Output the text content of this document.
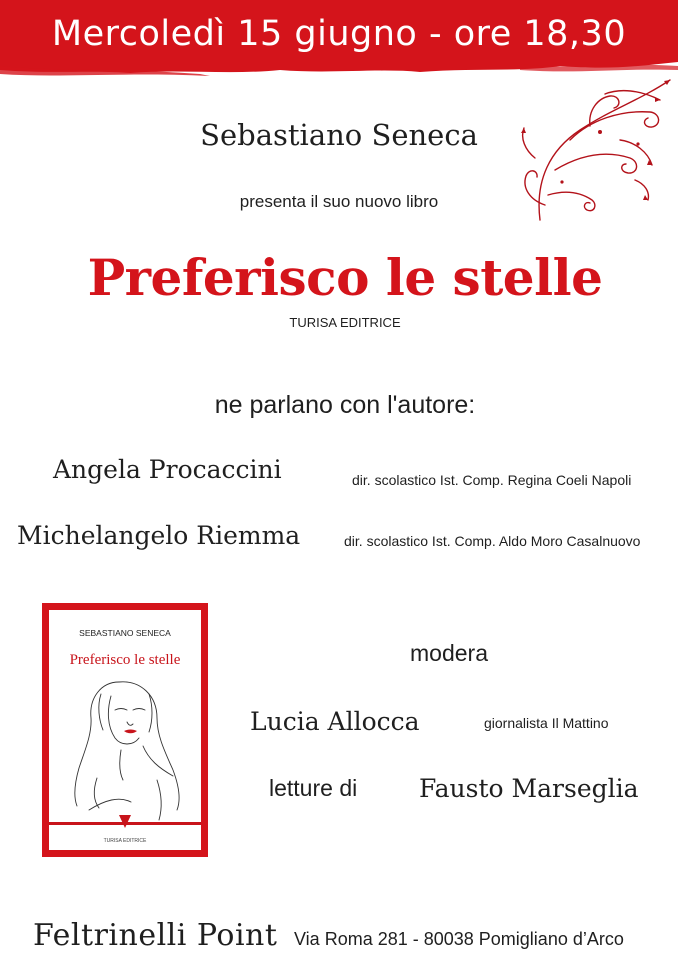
Mercoledì 15 giugno - ore 18,30
Sebastiano Seneca
presenta il suo nuovo libro
Preferisco le stelle
TURISA EDITRICE
ne parlano con l'autore:
Angela Procaccini	dir. scolastico Ist. Comp. Regina Coeli Napoli
Michelangelo Riemma	dir. scolastico Ist. Comp. Aldo Moro Casalnuovo
SEBASTIANO SENECA
Preferisco le stelle
TURISA EDITRICE
modera
Lucia Allocca	giornalista Il Mattino
letture di Fausto Marseglia
Feltrinelli Point Via Roma 281 - 80038 Pomigliano d’Arco
